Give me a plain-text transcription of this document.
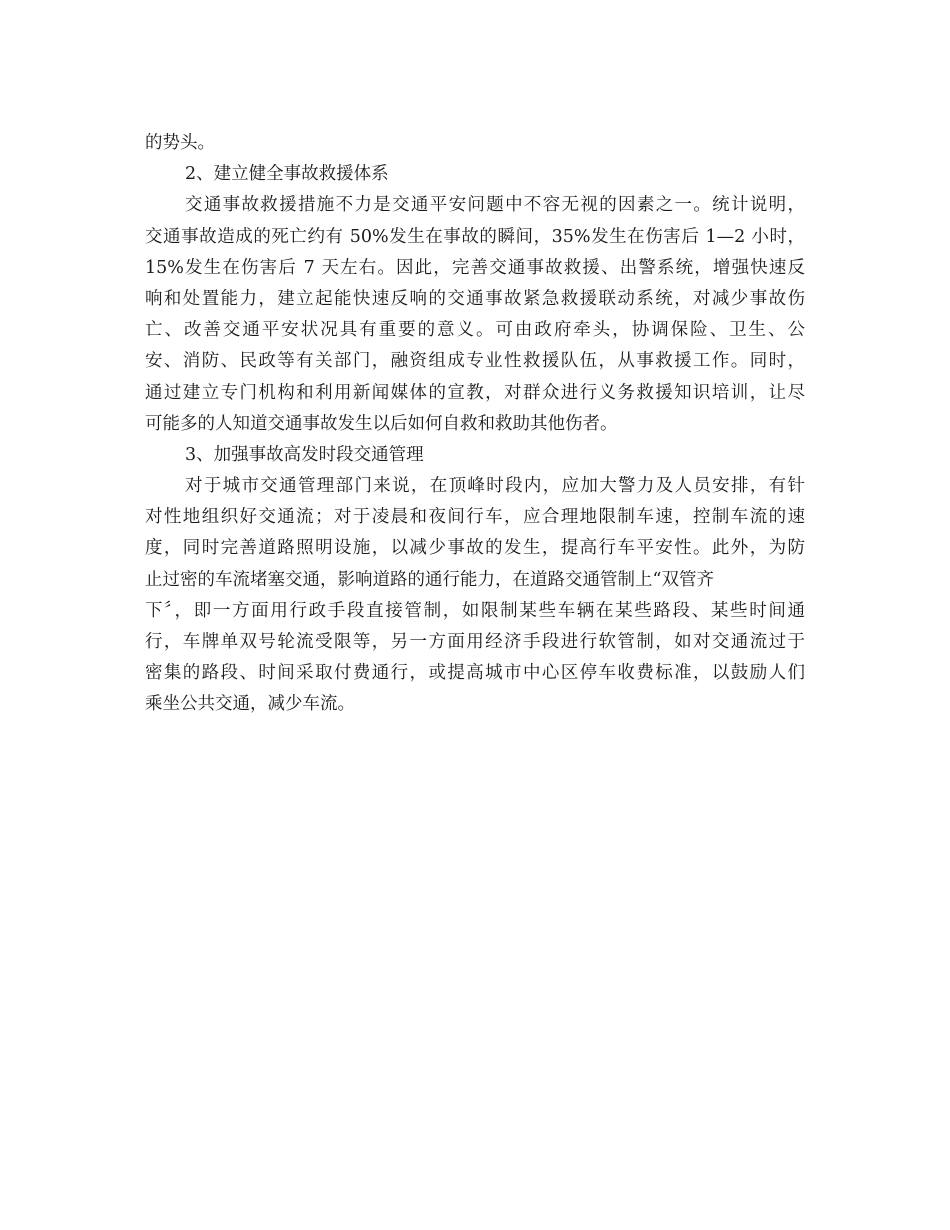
的势头。
2、建立健全事故救援体系
交通事故救援措施不力是交通平安问题中不容无视的因素之一。统计说明，
交通事故造成的死亡约有 50%发生在事故的瞬间，35%发生在伤害后 1—2 小时，
15%发生在伤害后 7 天左右。因此，完善交通事故救援、出警系统，增强快速反
响和处置能力，建立起能快速反响的交通事故紧急救援联动系统，对减少事故伤
亡、改善交通平安状况具有重要的意义。可由政府牵头，协调保险、卫生、公
安、消防、民政等有关部门，融资组成专业性救援队伍，从事救援工作。同时，
通过建立专门机构和利用新闻媒体的宣教，对群众进行义务救援知识培训，让尽
可能多的人知道交通事故发生以后如何自救和救助其他伤者。
3、加强事故高发时段交通管理
对于城市交通管理部门来说，在顶峰时段内，应加大警力及人员安排，有针
对性地组织好交通流；对于凌晨和夜间行车，应合理地限制车速，控制车流的速
度，同时完善道路照明设施，以减少事故的发生，提高行车平安性。此外，为防
止过密的车流堵塞交通，影响道路的通行能力，在道路交通管制上“双管齐
下〞，即一方面用行政手段直接管制，如限制某些车辆在某些路段、某些时间通
行，车牌单双号轮流受限等，另一方面用经济手段进行软管制，如对交通流过于
密集的路段、时间采取付费通行，或提高城市中心区停车收费标准，以鼓励人们
乘坐公共交通，减少车流。
